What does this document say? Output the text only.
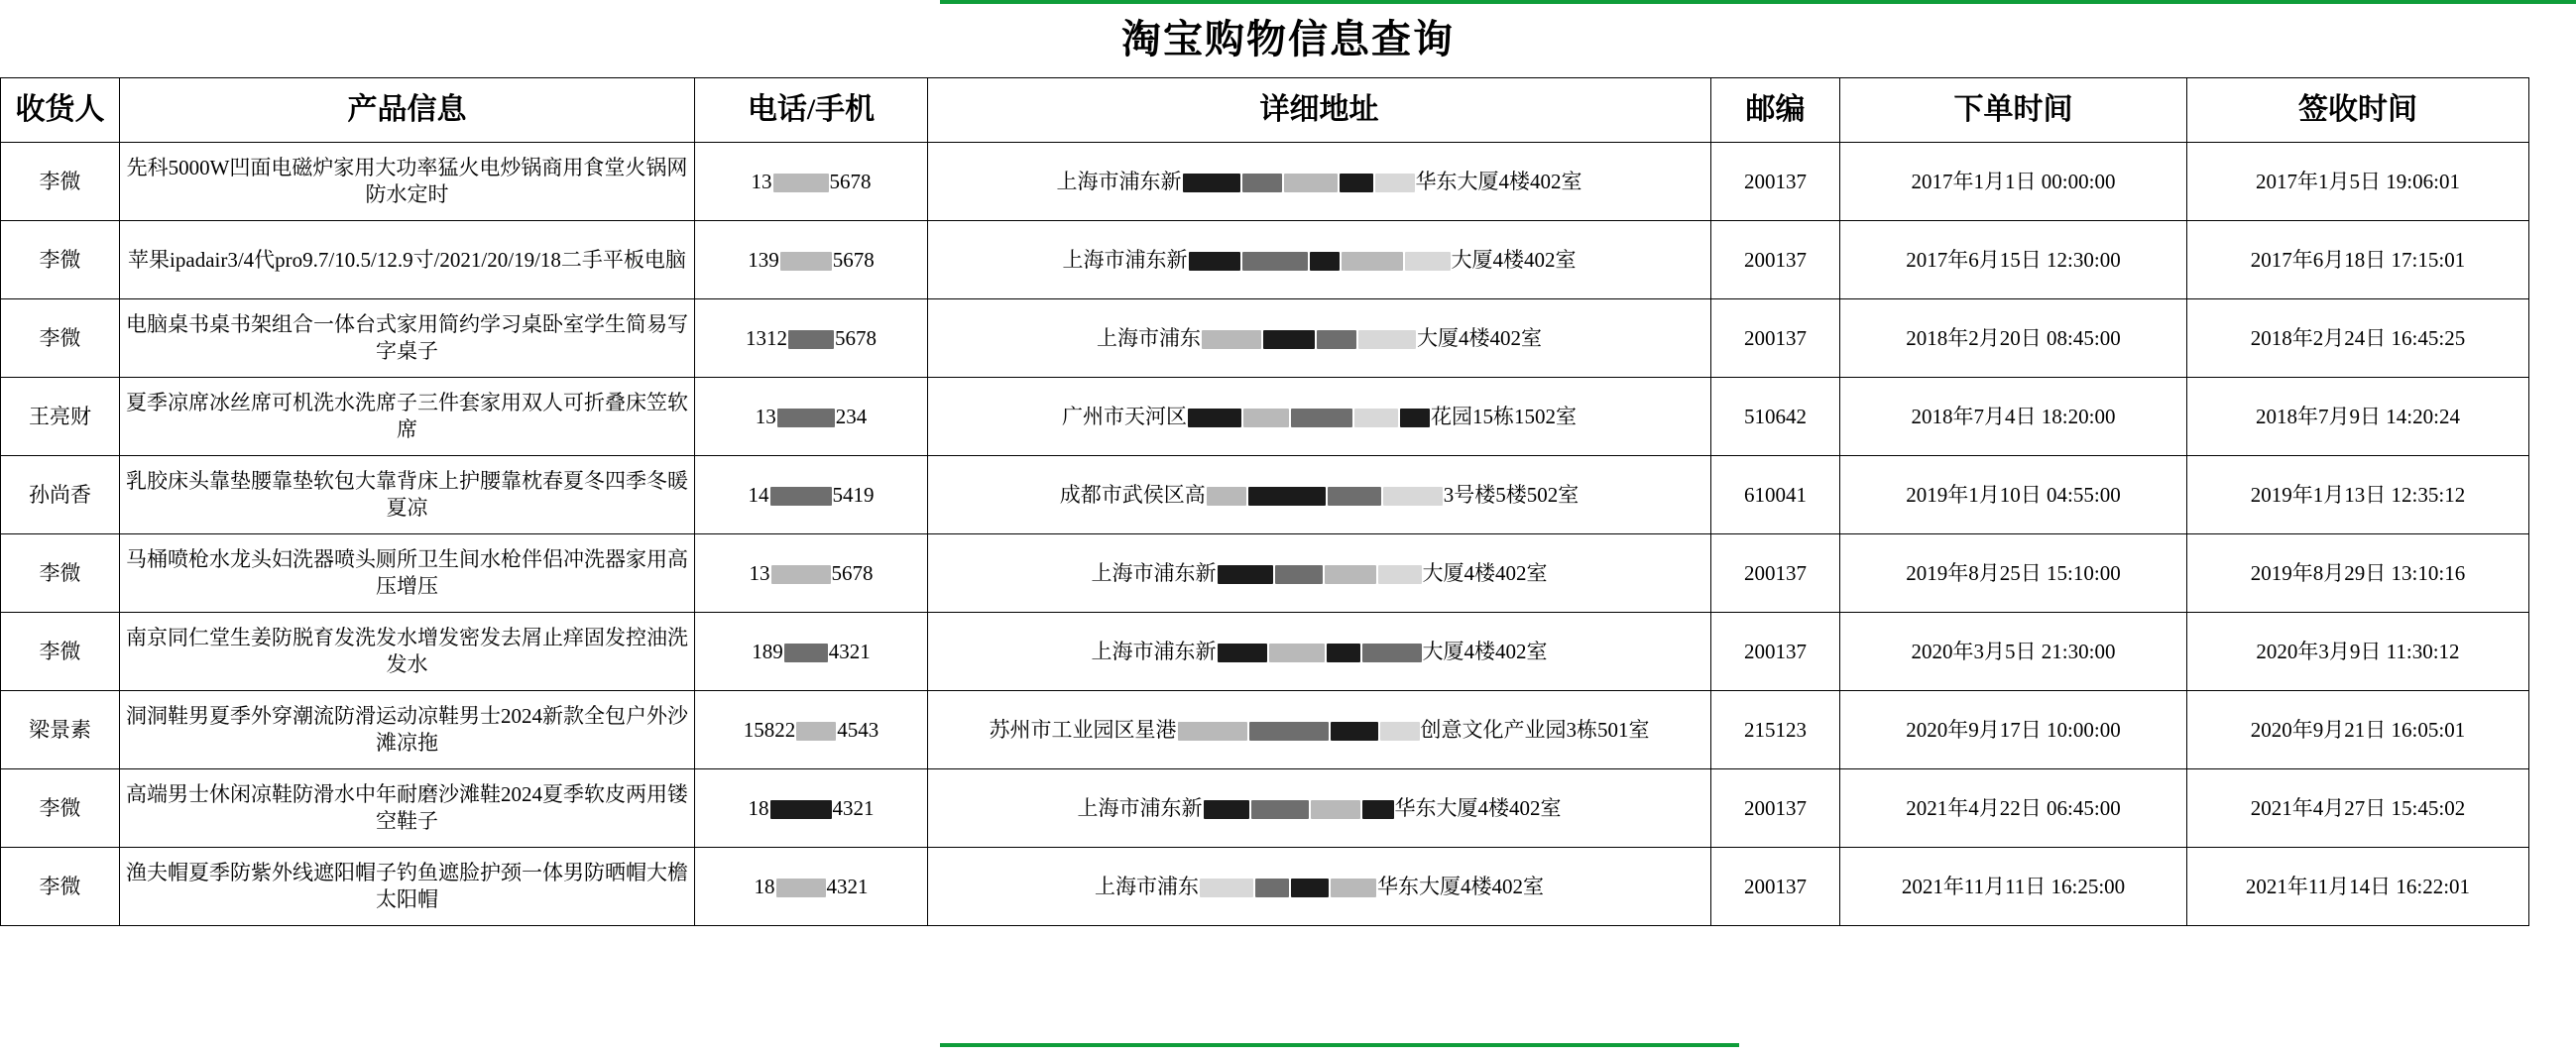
淘宝购物信息查询
收货人	产品信息	电话/手机	详细地址	邮编	下单时间	签收时间
李微	先科5000W凹面电磁炉家用大功率猛火电炒锅商用食堂火锅网防水定时	13 5678	上海市浦东新 华东大厦4楼402室	200137	2017年1月1日 00:00:00	2017年1月5日 19:06:01
李微	苹果ipadair3/4代pro9.7/10.5/12.9寸/2021/20/19/18二手平板电脑	139 5678	上海市浦东新 大厦4楼402室	200137	2017年6月15日 12:30:00	2017年6月18日 17:15:01
李微	电脑桌书桌书架组合一体台式家用简约学习桌卧室学生简易写字桌子	1312 5678	上海市浦东 大厦4楼402室	200137	2018年2月20日 08:45:00	2018年2月24日 16:45:25
王亮财	夏季凉席冰丝席可机洗水洗席子三件套家用双人可折叠床笠软席	13 234	广州市天河区 花园15栋1502室	510642	2018年7月4日 18:20:00	2018年7月9日 14:20:24
孙尚香	乳胶床头靠垫腰靠垫软包大靠背床上护腰靠枕春夏冬四季冬暖夏凉	14 5419	成都市武侯区高 3号楼5楼502室	610041	2019年1月10日 04:55:00	2019年1月13日 12:35:12
李微	马桶喷枪水龙头妇洗器喷头厕所卫生间水枪伴侣冲洗器家用高压增压	13 5678	上海市浦东新 大厦4楼402室	200137	2019年8月25日 15:10:00	2019年8月29日 13:10:16
李微	南京同仁堂生姜防脱育发洗发水增发密发去屑止痒固发控油洗发水	189 4321	上海市浦东新 大厦4楼402室	200137	2020年3月5日 21:30:00	2020年3月9日 11:30:12
梁景素	洞洞鞋男夏季外穿潮流防滑运动凉鞋男士2024新款全包户外沙滩凉拖	15822 4543	苏州市工业园区星港 创意文化产业园3栋501室	215123	2020年9月17日 10:00:00	2020年9月21日 16:05:01
李微	高端男士休闲凉鞋防滑水中年耐磨沙滩鞋2024夏季软皮两用镂空鞋子	18 4321	上海市浦东新 华东大厦4楼402室	200137	2021年4月22日 06:45:00	2021年4月27日 15:45:02
李微	渔夫帽夏季防紫外线遮阳帽子钓鱼遮脸护颈一体男防晒帽大檐太阳帽	18 4321	上海市浦东 华东大厦4楼402室	200137	2021年11月11日 16:25:00	2021年11月14日 16:22:01
